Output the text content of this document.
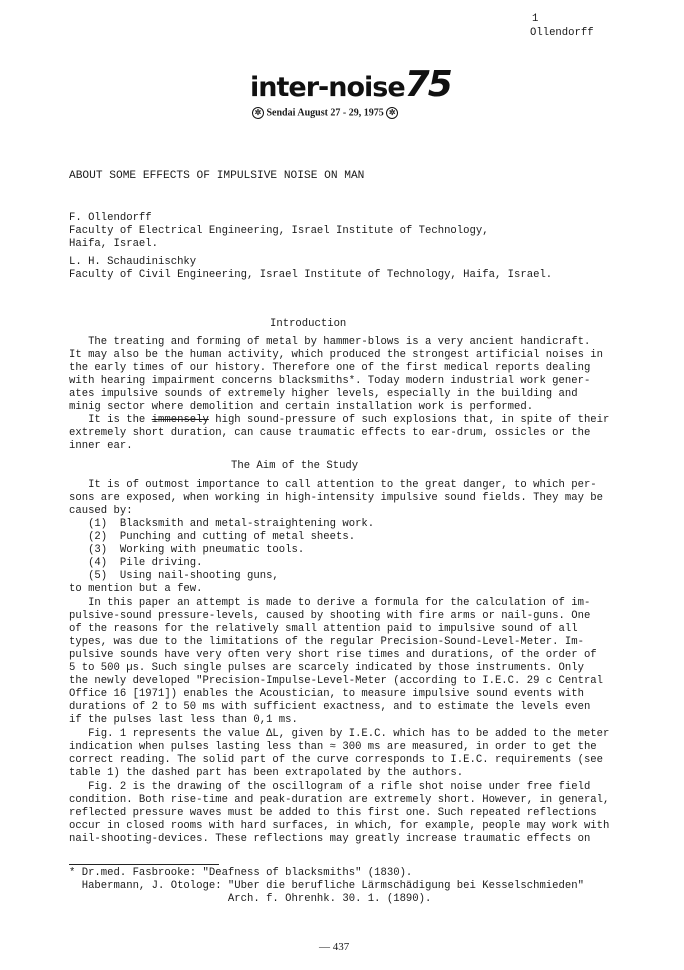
1
Ollendorff
inter-noise75
✲ Sendai August 27 - 29, 1975 ✲
ABOUT SOME EFFECTS OF IMPULSIVE NOISE ON MAN
F. Ollendorff
Faculty of Electrical Engineering, Israel Institute of Technology,
Haifa, Israel.
L. H. Schaudinischky
Faculty of Civil Engineering, Israel Institute of Technology, Haifa, Israel.
Introduction
The treating and forming of metal by hammer-blows is a very ancient handicraft.
It may also be the human activity, which produced the strongest artificial noises in
the early times of our history. Therefore one of the first medical reports dealing
with hearing impairment concerns blacksmiths*. Today modern industrial work gener-
ates impulsive sounds of extremely higher levels, especially in the building and
minig sector where demolition and certain installation work is performed.
It is the immensely high sound-pressure of such explosions that, in spite of their
extremely short duration, can cause traumatic effects to ear-drum, ossicles or the
inner ear.
The Aim of the Study
It is of outmost importance to call attention to the great danger, to which per-
sons are exposed, when working in high-intensity impulsive sound fields. They may be
caused by:
(1)  Blacksmith and metal-straightening work.
(2)  Punching and cutting of metal sheets.
(3)  Working with pneumatic tools.
(4)  Pile driving.
(5)  Using nail-shooting guns,
to mention but a few.
In this paper an attempt is made to derive a formula for the calculation of im-
pulsive-sound pressure-levels, caused by shooting with fire arms or nail-guns. One
of the reasons for the relatively small attention paid to impulsive sound of all
types, was due to the limitations of the regular Precision-Sound-Level-Meter. Im-
pulsive sounds have very often very short rise times and durations, of the order of
5 to 500 µs. Such single pulses are scarcely indicated by those instruments. Only
the newly developed "Precision-Impulse-Level-Meter (according to I.E.C. 29 c Central
Office 16 [1971]) enables the Acoustician, to measure impulsive sound events with
durations of 2 to 50 ms with sufficient exactness, and to estimate the levels even
if the pulses last less than 0,1 ms.
Fig. 1 represents the value ΔL, given by I.E.C. which has to be added to the meter
indication when pulses lasting less than ≈ 300 ms are measured, in order to get the
correct reading. The solid part of the curve corresponds to I.E.C. requirements (see
table 1) the dashed part has been extrapolated by the authors.
Fig. 2 is the drawing of the oscillogram of a rifle shot noise under free field
condition. Both rise-time and peak-duration are extremely short. However, in general,
reflected pressure waves must be added to this first one. Such repeated reflections
occur in closed rooms with hard surfaces, in which, for example, people may work with
nail-shooting-devices. These reflections may greatly increase traumatic effects on
* Dr.med. Fasbrooke: "Deafness of blacksmiths" (1830).
Habermann, J. Otologe: "Uber die berufliche Lärmschädigung bei Kesselschmieden"
Arch. f. Ohrenhk. 30. 1. (1890).
— 437
